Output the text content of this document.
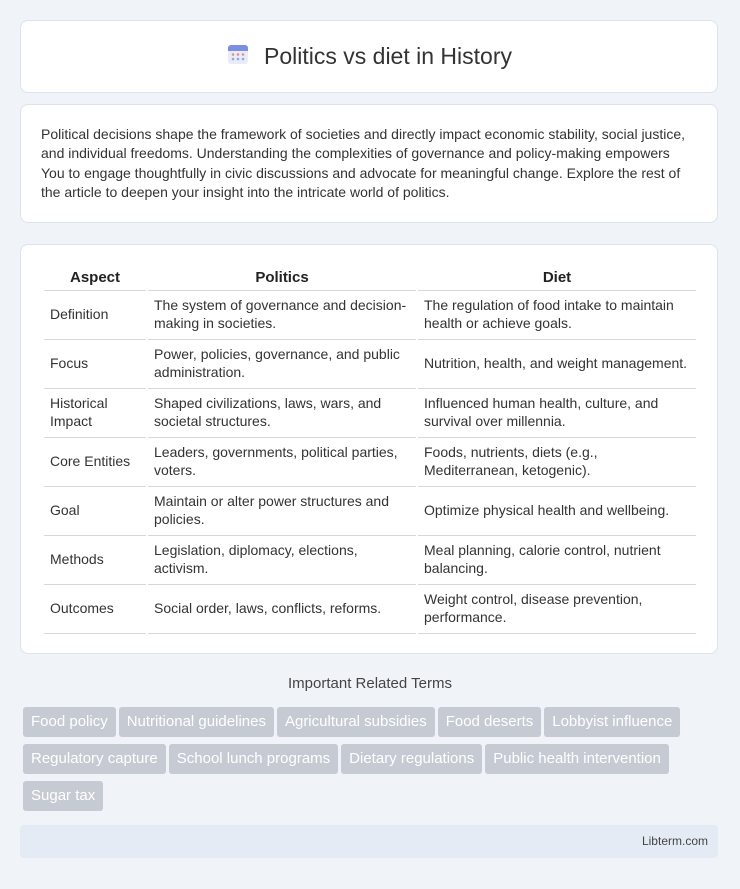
Politics vs diet in History
Political decisions shape the framework of societies and directly impact economic stability, social justice, and individual freedoms. Understanding the complexities of governance and policy-making empowers You to engage thoughtfully in civic discussions and advocate for meaningful change. Explore the rest of the article to deepen your insight into the intricate world of politics.
Aspect	Politics	Diet
Definition	The system of governance and decision-making in societies.	The regulation of food intake to maintain health or achieve goals.
Focus	Power, policies, governance, and public administration.	Nutrition, health, and weight management.
Historical Impact	Shaped civilizations, laws, wars, and societal structures.	Influenced human health, culture, and survival over millennia.
Core Entities	Leaders, governments, political parties, voters.	Foods, nutrients, diets (e.g., Mediterranean, ketogenic).
Goal	Maintain or alter power structures and policies.	Optimize physical health and wellbeing.
Methods	Legislation, diplomacy, elections, activism.	Meal planning, calorie control, nutrient balancing.
Outcomes	Social order, laws, conflicts, reforms.	Weight control, disease prevention, performance.
Important Related Terms
Food policy Nutritional guidelines Agricultural subsidies Food deserts Lobbyist influenceRegulatory capture School lunch programs Dietary regulations Public health interventionSugar tax
Libterm.com
